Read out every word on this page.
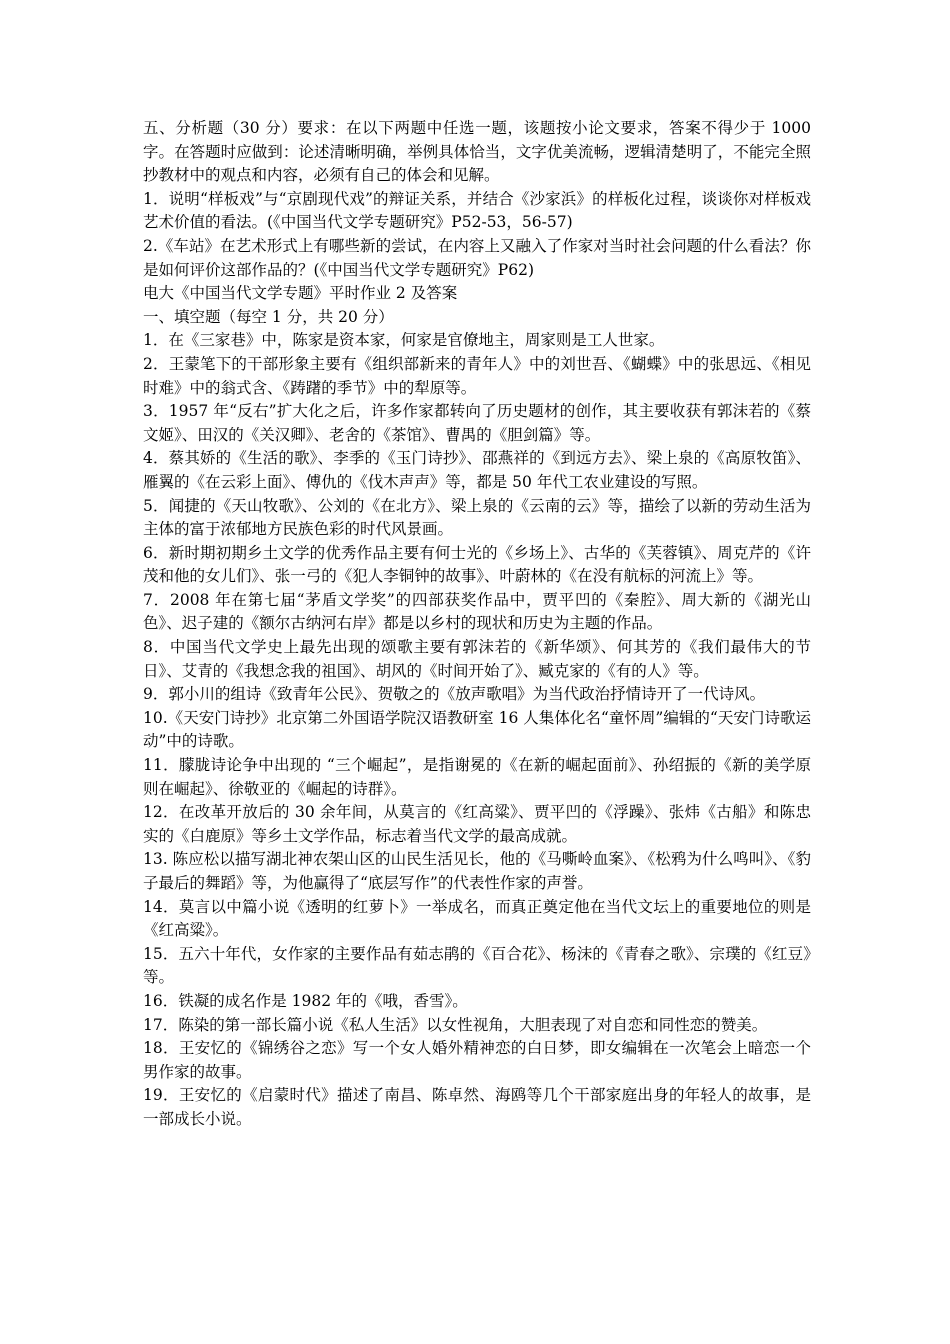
五、分析题（30 分）要求：在以下两题中任选一题，该题按小论文要求，答案不得少于 1000 字。在答题时应做到：论述清晰明确，举例具体恰当，文字优美流畅，逻辑清楚明了，不能完全照抄教材中的观点和内容，必须有自己的体会和见解。

1．说明“样板戏”与“京剧现代戏”的辩证关系，并结合《沙家浜》的样板化过程，谈谈你对样板戏艺术价值的看法。(《中国当代文学专题研究》P52-53，56-57)

2.《车站》在艺术形式上有哪些新的尝试，在内容上又融入了作家对当时社会问题的什么看法？你是如何评价这部作品的？(《中国当代文学专题研究》P62)

电大《中国当代文学专题》平时作业 2 及答案

一、填空题（每空 1 分，共 20 分）

1．在《三家巷》中，陈家是资本家，何家是官僚地主，周家则是工人世家。

2．王蒙笔下的干部形象主要有《组织部新来的青年人》中的刘世吾、《蝴蝶》中的张思远、《相见时难》中的翁式含、《踌躇的季节》中的犁原等。

3．1957 年“反右”扩大化之后，许多作家都转向了历史题材的创作，其主要收获有郭沫若的《蔡文姬》、田汉的《关汉卿》、老舍的《茶馆》、曹禺的《胆剑篇》等。

4．蔡其娇的《生活的歌》、李季的《玉门诗抄》、邵燕祥的《到远方去》、梁上泉的《高原牧笛》、雁翼的《在云彩上面》、傅仇的《伐木声声》等，都是 50 年代工农业建设的写照。

5．闻捷的《天山牧歌》、公刘的《在北方》、梁上泉的《云南的云》等，描绘了以新的劳动生活为主体的富于浓郁地方民族色彩的时代风景画。

6．新时期初期乡土文学的优秀作品主要有何士光的《乡场上》、古华的《芙蓉镇》、周克芹的《许茂和他的女儿们》、张一弓的《犯人李铜钟的故事》、叶蔚林的《在没有航标的河流上》等。

7．2008 年在第七届“茅盾文学奖”的四部获奖作品中，贾平凹的《秦腔》、周大新的《湖光山色》、迟子建的《额尔古纳河右岸》都是以乡村的现状和历史为主题的作品。

8．中国当代文学史上最先出现的颂歌主要有郭沫若的《新华颂》、何其芳的《我们最伟大的节日》、艾青的《我想念我的祖国》、胡风的《时间开始了》、臧克家的《有的人》等。

9．郭小川的组诗《致青年公民》、贺敬之的《放声歌唱》为当代政治抒情诗开了一代诗风。

10.《天安门诗抄》北京第二外国语学院汉语教研室 16 人集体化名“童怀周”编辑的“天安门诗歌运动”中的诗歌。

11．朦胧诗论争中出现的 “三个崛起”，是指谢冕的《在新的崛起面前》、孙绍振的《新的美学原则在崛起》、徐敬亚的《崛起的诗群》。

12．在改革开放后的 30 余年间，从莫言的《红高粱》、贾平凹的《浮躁》、张炜《古船》和陈忠实的《白鹿原》等乡土文学作品，标志着当代文学的最高成就。

13. 陈应松以描写湖北神农架山区的山民生活见长，他的《马嘶岭血案》、《松鸦为什么鸣叫》、《豹子最后的舞蹈》等，为他赢得了“底层写作”的代表性作家的声誉。

14．莫言以中篇小说《透明的红萝卜》一举成名，而真正奠定他在当代文坛上的重要地位的则是《红高粱》。

15．五六十年代，女作家的主要作品有茹志鹃的《百合花》、杨沫的《青春之歌》、宗璞的《红豆》等。

16．铁凝的成名作是 1982 年的《哦，香雪》。

17．陈染的第一部长篇小说《私人生活》以女性视角，大胆表现了对自恋和同性恋的赞美。

18．王安忆的《锦绣谷之恋》写一个女人婚外精神恋的白日梦，即女编辑在一次笔会上暗恋一个男作家的故事。

19．王安忆的《启蒙时代》描述了南昌、陈卓然、海鸥等几个干部家庭出身的年轻人的故事，是一部成长小说。
